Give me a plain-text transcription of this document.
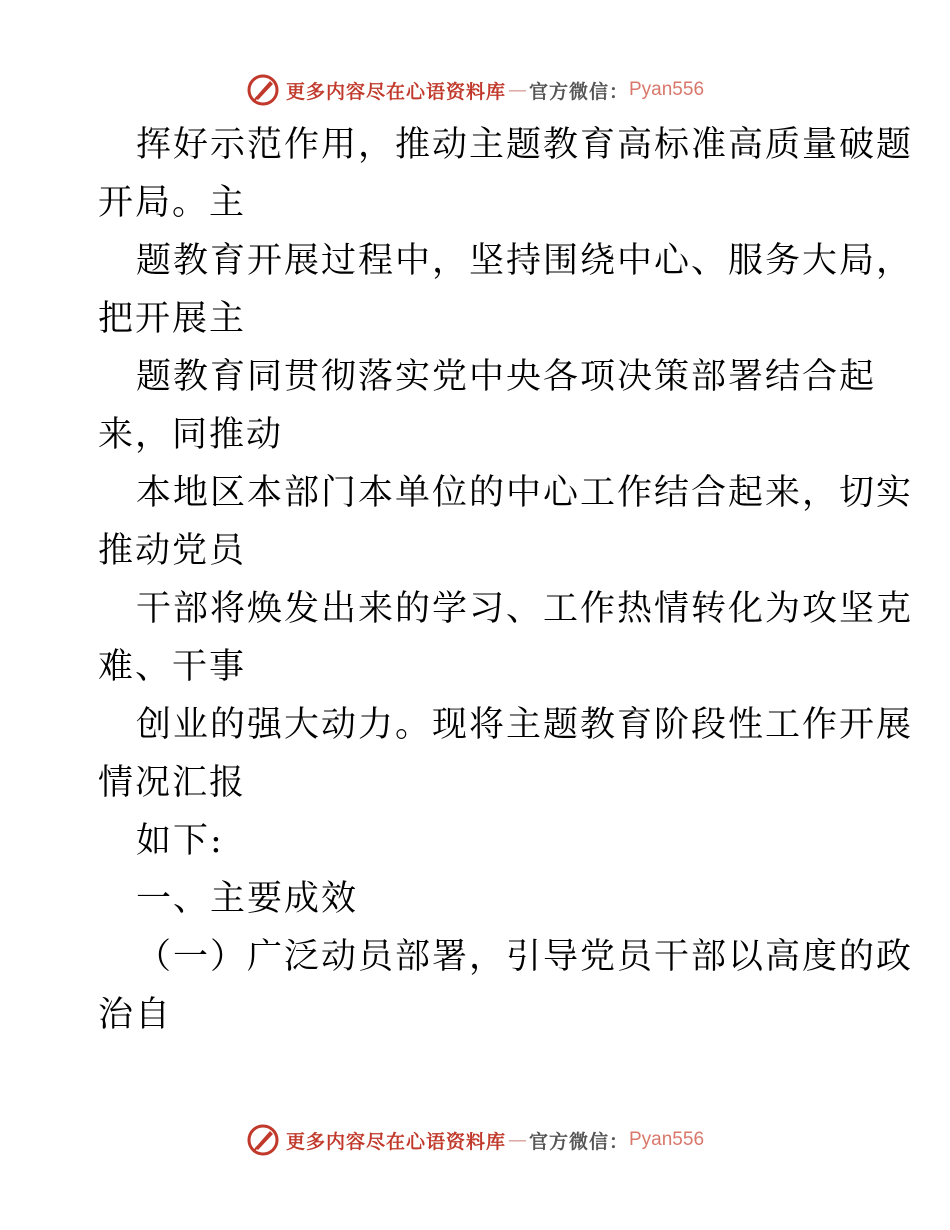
更多内容尽在心语资料库 — 官方微信： Pyan556
挥好示范作用，推动主题教育高标准高质量破题
开局。主
题教育开展过程中，坚持围绕中心、服务大局，
把开展主
题教育同贯彻落实党中央各项决策部署结合起
来，同推动
本地区本部门本单位的中心工作结合起来，切实
推动党员
干部将焕发出来的学习、工作热情转化为攻坚克
难、干事
创业的强大动力。现将主题教育阶段性工作开展
情况汇报
如下:
一、主要成效
（一）广泛动员部署，引导党员干部以高度的政
治自
更多内容尽在心语资料库 — 官方微信： Pyan556
